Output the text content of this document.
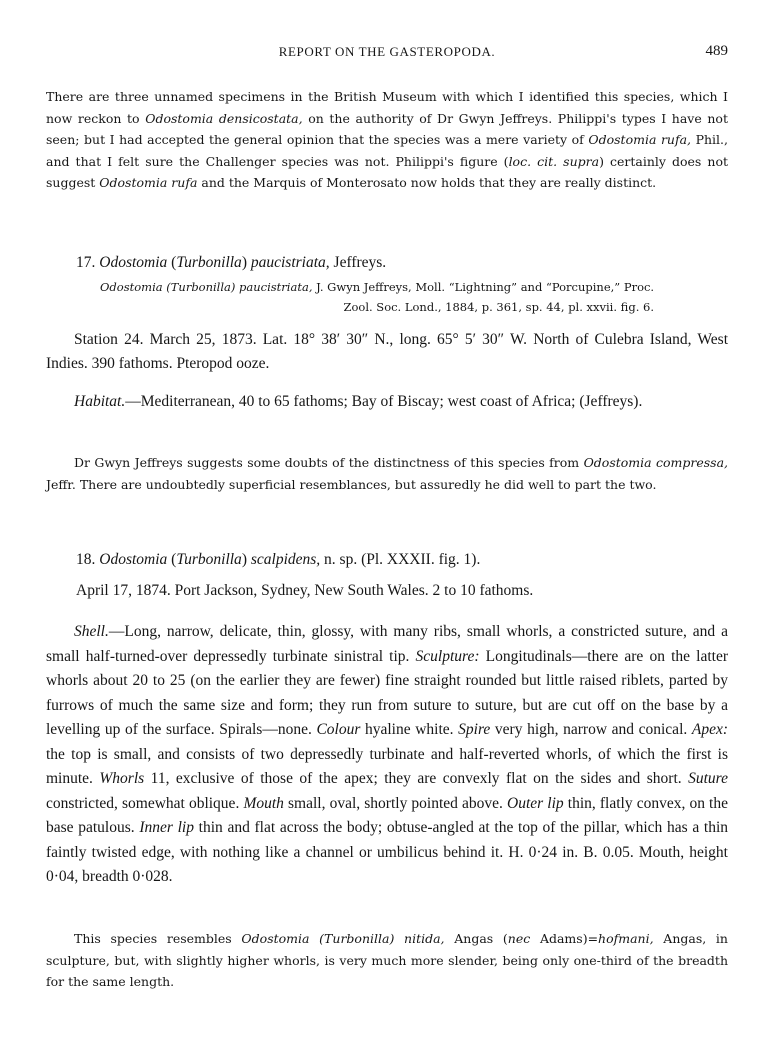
REPORT ON THE GASTEROPODA.	489

There are three unnamed specimens in the British Museum with which I identified this species, which I now reckon to Odostomia densicostata, on the authority of Dr Gwyn Jeffreys. Philippi's types I have not seen; but I had accepted the general opinion that the species was a mere variety of Odostomia rufa, Phil., and that I felt sure the Challenger species was not. Philippi's figure (loc. cit. supra) certainly does not suggest Odostomia rufa and the Marquis of Monterosato now holds that they are really distinct.

17. Odostomia (Turbonilla) paucistriata, Jeffreys.
Odostomia (Turbonilla) paucistriata, J. Gwyn Jeffreys, Moll. “Lightning” and “Porcupine,” Proc.
Zool. Soc. Lond., 1884, p. 361, sp. 44, pl. xxvii. fig. 6.

Station 24. March 25, 1873. Lat. 18° 38′ 30″ N., long. 65° 5′ 30″ W. North of Culebra Island, West Indies. 390 fathoms. Pteropod ooze.

Habitat.—Mediterranean, 40 to 65 fathoms; Bay of Biscay; west coast of Africa; (Jeffreys).

Dr Gwyn Jeffreys suggests some doubts of the distinctness of this species from Odostomia compressa, Jeffr. There are undoubtedly superficial resemblances, but assuredly he did well to part the two.

18. Odostomia (Turbonilla) scalpidens, n. sp. (Pl. XXXII. fig. 1).
April 17, 1874. Port Jackson, Sydney, New South Wales. 2 to 10 fathoms.

Shell.—Long, narrow, delicate, thin, glossy, with many ribs, small whorls, a constricted suture, and a small half-turned-over depressedly turbinate sinistral tip. Sculpture: Longitudinals—there are on the latter whorls about 20 to 25 (on the earlier they are fewer) fine straight rounded but little raised riblets, parted by furrows of much the same size and form; they run from suture to suture, but are cut off on the base by a levelling up of the surface. Spirals—none. Colour hyaline white. Spire very high, narrow and conical. Apex: the top is small, and consists of two depressedly turbinate and half-reverted whorls, of which the first is minute. Whorls 11, exclusive of those of the apex; they are convexly flat on the sides and short. Suture constricted, somewhat oblique. Mouth small, oval, shortly pointed above. Outer lip thin, flatly convex, on the base patulous. Inner lip thin and flat across the body; obtuse-angled at the top of the pillar, which has a thin faintly twisted edge, with nothing like a channel or umbilicus behind it. H. 0·24 in. B. 0.05. Mouth, height 0·04, breadth 0·028.

This species resembles Odostomia (Turbonilla) nitida, Angas (nec Adams)=hofmani, Angas, in sculpture, but, with slightly higher whorls, is very much more slender, being only one-third of the breadth for the same length.
